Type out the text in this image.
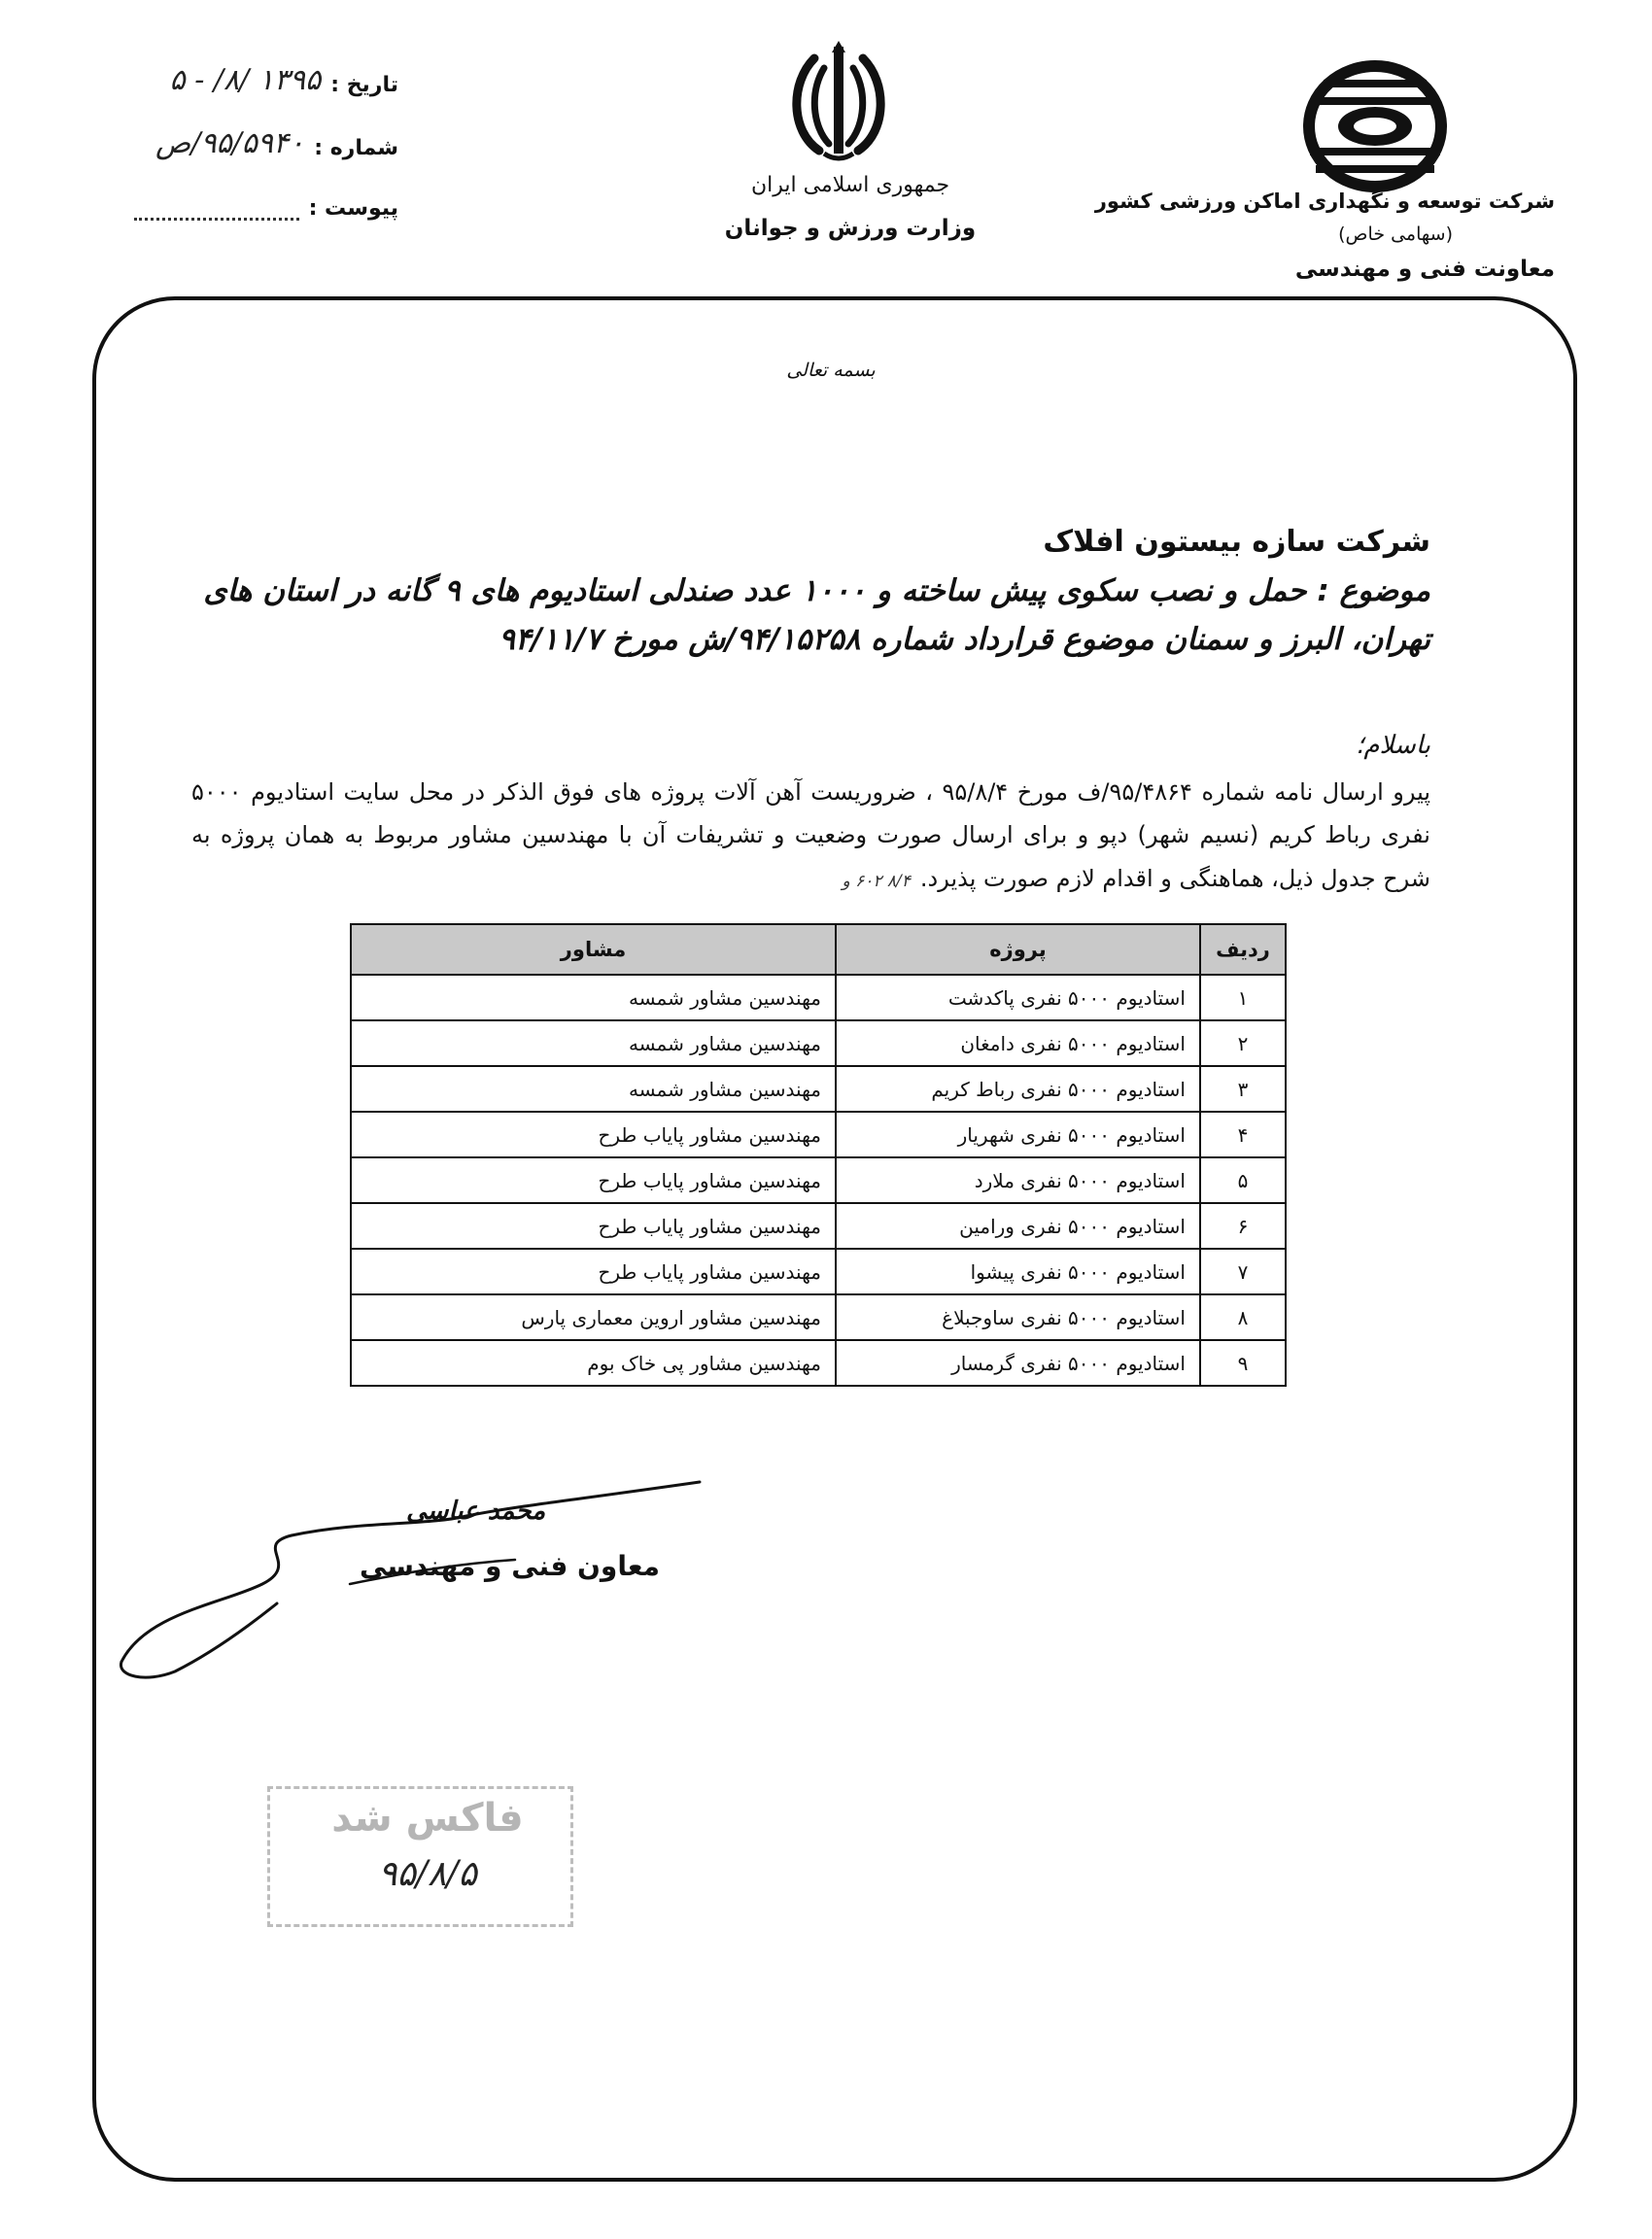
شرکت توسعه و نگهداری اماکن ورزشی کشور
(سهامی خاص)
معاونت فنی و مهندسی
جمهوری اسلامی ایران
وزارت ورزش و جوانان
تاریخ :
۱۳۹۵ /۸/ - ۵
شماره :
۹۵/۵۹۴۰/ص
پیوست :
بسمه تعالی
شرکت سازه بیستون افلاک
موضوع : حمل و نصب سکوی پیش ساخته و ۱۰۰۰ عدد صندلی استادیوم های ۹ گانه در استان های تهران، البرز و سمنان موضوع قرارداد شماره ۹۴/۱۵۲۵۸/ش مورخ ۹۴/۱۱/۷
باسلام؛
پیرو ارسال نامه شماره ۹۵/۴۸۶۴/ف مورخ ۹۵/۸/۴ ، ضروریست آهن آلات پروژه های فوق الذکر در محل سایت استادیوم ۵۰۰۰ نفری رباط کریم (نسیم شهر) دپو و برای ارسال صورت وضعیت و تشریفات آن با مهندسین مشاور مربوط به همان پروژه به شرح جدول ذیل، هماهنگی و اقدام لازم صورت پذیرد.۸/۴ ۶۰۲ و
ردیف	پروژه	مشاور
۱	استادیوم ۵۰۰۰ نفری پاکدشت	مهندسین مشاور شمسه
۲	استادیوم ۵۰۰۰ نفری دامغان	مهندسین مشاور شمسه
۳	استادیوم ۵۰۰۰ نفری رباط کریم	مهندسین مشاور شمسه
۴	استادیوم ۵۰۰۰ نفری شهریار	مهندسین مشاور پایاب طرح
۵	استادیوم ۵۰۰۰ نفری ملارد	مهندسین مشاور پایاب طرح
۶	استادیوم ۵۰۰۰ نفری ورامین	مهندسین مشاور پایاب طرح
۷	استادیوم ۵۰۰۰ نفری پیشوا	مهندسین مشاور پایاب طرح
۸	استادیوم ۵۰۰۰ نفری ساوجبلاغ	مهندسین مشاور اروین معماری پارس
۹	استادیوم ۵۰۰۰ نفری گرمسار	مهندسین مشاور پی خاک بوم
محمد عباسی
معاون فنی و مهندسی
فاکس شد
۹۵/۸/۵
